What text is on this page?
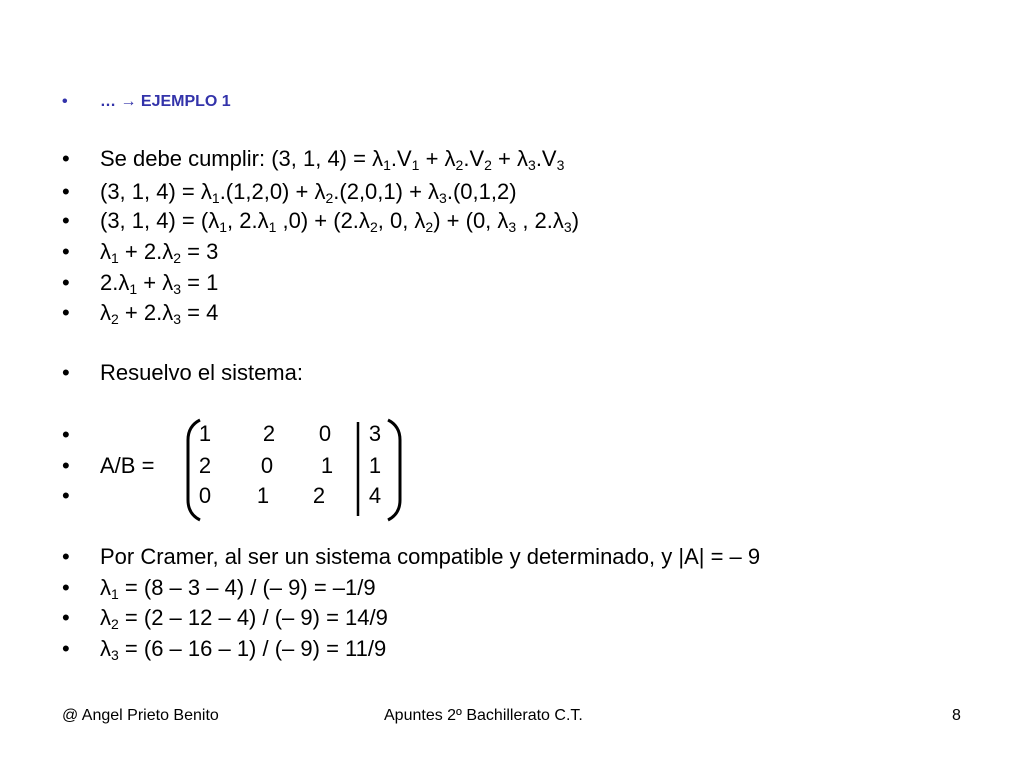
• … → EJEMPLO 1
• Se debe cumplir: (3, 1, $4) = \lambda_1.V_1 + \lambda_2.V_2 + \lambda_3.V_3$
• (3, 1, $4) = \lambda_1.(1,2,0) + \lambda_2.(2,0,1) + \lambda_3.(0,1,2)$
• (3, 1, $4) = (\lambda_1$, $2.\lambda_1$ $,0) + (2.\lambda_2$, 0, $\lambda_2) + (0$, $\lambda_3$ , $2.\lambda_3$)
• $\lambda_1 + 2.\lambda_2 = 3$
• $2.\lambda_1 + \lambda_3 = 1$
• $\lambda_2 + 2.\lambda_3 = 4$
• Resuelvo el sistema:
•
• A/B =
•
1	2	0	3
2	0	1	1
0	1	2	4
• Por Cramer, al ser un sistema compatible y determinado, y |A| = – 9
• $\lambda_1 = (8 - 3 - 4)$ / (– 9) = –1/9
• $\lambda_2 = (2 - 12 - 4)$ / (– 9) = 14/9
• $\lambda_3 = (6 - 16 - 1)$ / (– 9) = 11/9
@ Angel Prieto Benito	Apuntes 2º Bachillerato C.T.	8
